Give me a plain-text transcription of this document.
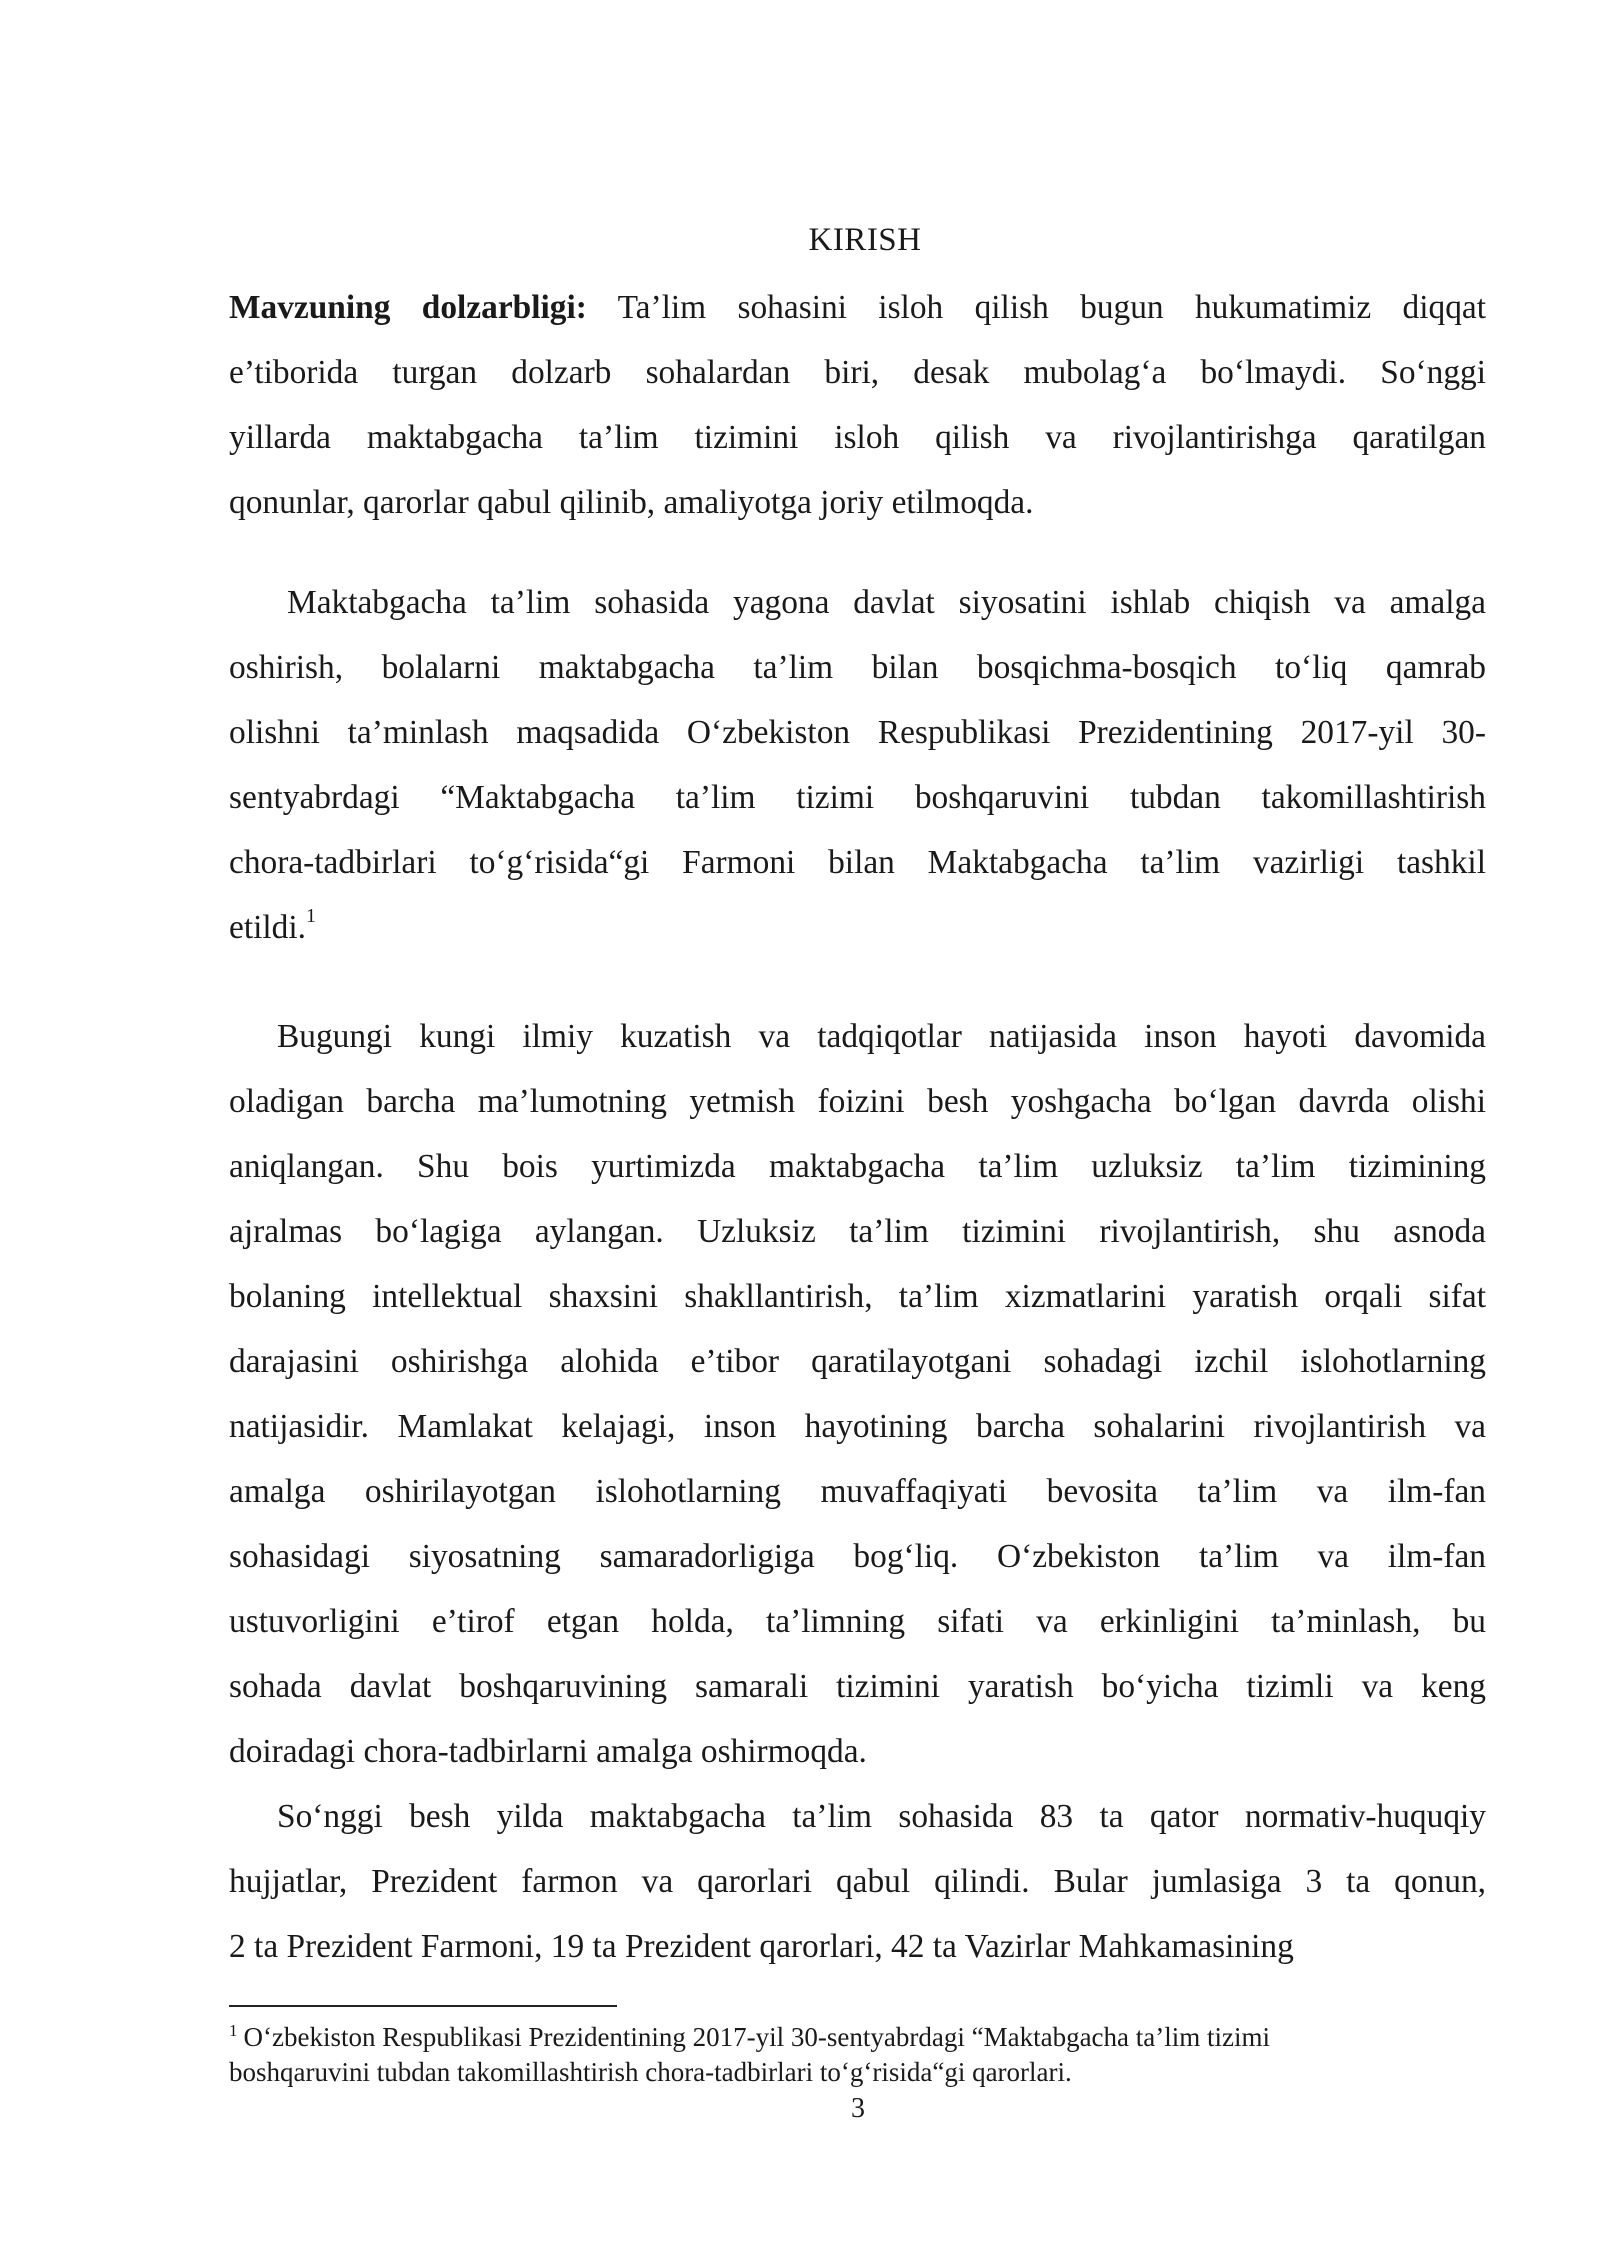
KIRISH
Mavzuning dolzarbligi: Ta’lim sohasini isloh qilish bugun hukumatimiz diqqat
e’tiborida turgan dolzarb sohalardan biri, desak mubolag‘a bo‘lmaydi. So‘nggi
yillarda maktabgacha ta’lim tizimini isloh qilish va rivojlantirishga qaratilgan
qonunlar, qarorlar qabul qilinib, amaliyotga joriy etilmoqda.
Maktabgacha ta’lim sohasida yagona davlat siyosatini ishlab chiqish va amalga
oshirish, bolalarni maktabgacha ta’lim bilan bosqichma-bosqich to‘liq qamrab
olishni ta’minlash maqsadida O‘zbekiston Respublikasi Prezidentining 2017-yil 30-
sentyabrdagi “Maktabgacha ta’lim tizimi boshqaruvini tubdan takomillashtirish
chora-tadbirlari to‘g‘risida“gi Farmoni bilan Maktabgacha ta’lim vazirligi tashkil
etildi.$^1$
Bugungi kungi ilmiy kuzatish va tadqiqotlar natijasida inson hayoti davomida
oladigan barcha ma’lumotning yetmish foizini besh yoshgacha bo‘lgan davrda olishi
aniqlangan. Shu bois yurtimizda maktabgacha ta’lim uzluksiz ta’lim tizimining
ajralmas bo‘lagiga aylangan. Uzluksiz ta’lim tizimini rivojlantirish, shu asnoda
bolaning intellektual shaxsini shakllantirish, ta’lim xizmatlarini yaratish orqali sifat
darajasini oshirishga alohida e’tibor qaratilayotgani sohadagi izchil islohotlarning
natijasidir. Mamlakat kelajagi, inson hayotining barcha sohalarini rivojlantirish va
amalga oshirilayotgan islohotlarning muvaffaqiyati bevosita ta’lim va ilm-fan
sohasidagi siyosatning samaradorligiga bog‘liq. O‘zbekiston ta’lim va ilm-fan
ustuvorligini e’tirof etgan holda, ta’limning sifati va erkinligini ta’minlash, bu
sohada davlat boshqaruvining samarali tizimini yaratish bo‘yicha tizimli va keng
doiradagi chora-tadbirlarni amalga oshirmoqda.
So‘nggi besh yilda maktabgacha ta’lim sohasida 83 ta qator normativ-huquqiy
hujjatlar, Prezident farmon va qarorlari qabul qilindi. Bular jumlasiga 3 ta qonun,
2 ta Prezident Farmoni, 19 ta Prezident qarorlari, 42 ta Vazirlar Mahkamasining
$^1$ O‘zbekiston Respublikasi Prezidentining 2017-yil 30-sentyabrdagi “Maktabgacha ta’lim tizimi
boshqaruvini tubdan takomillashtirish chora-tadbirlari to‘g‘risida“gi qarorlari.
3
